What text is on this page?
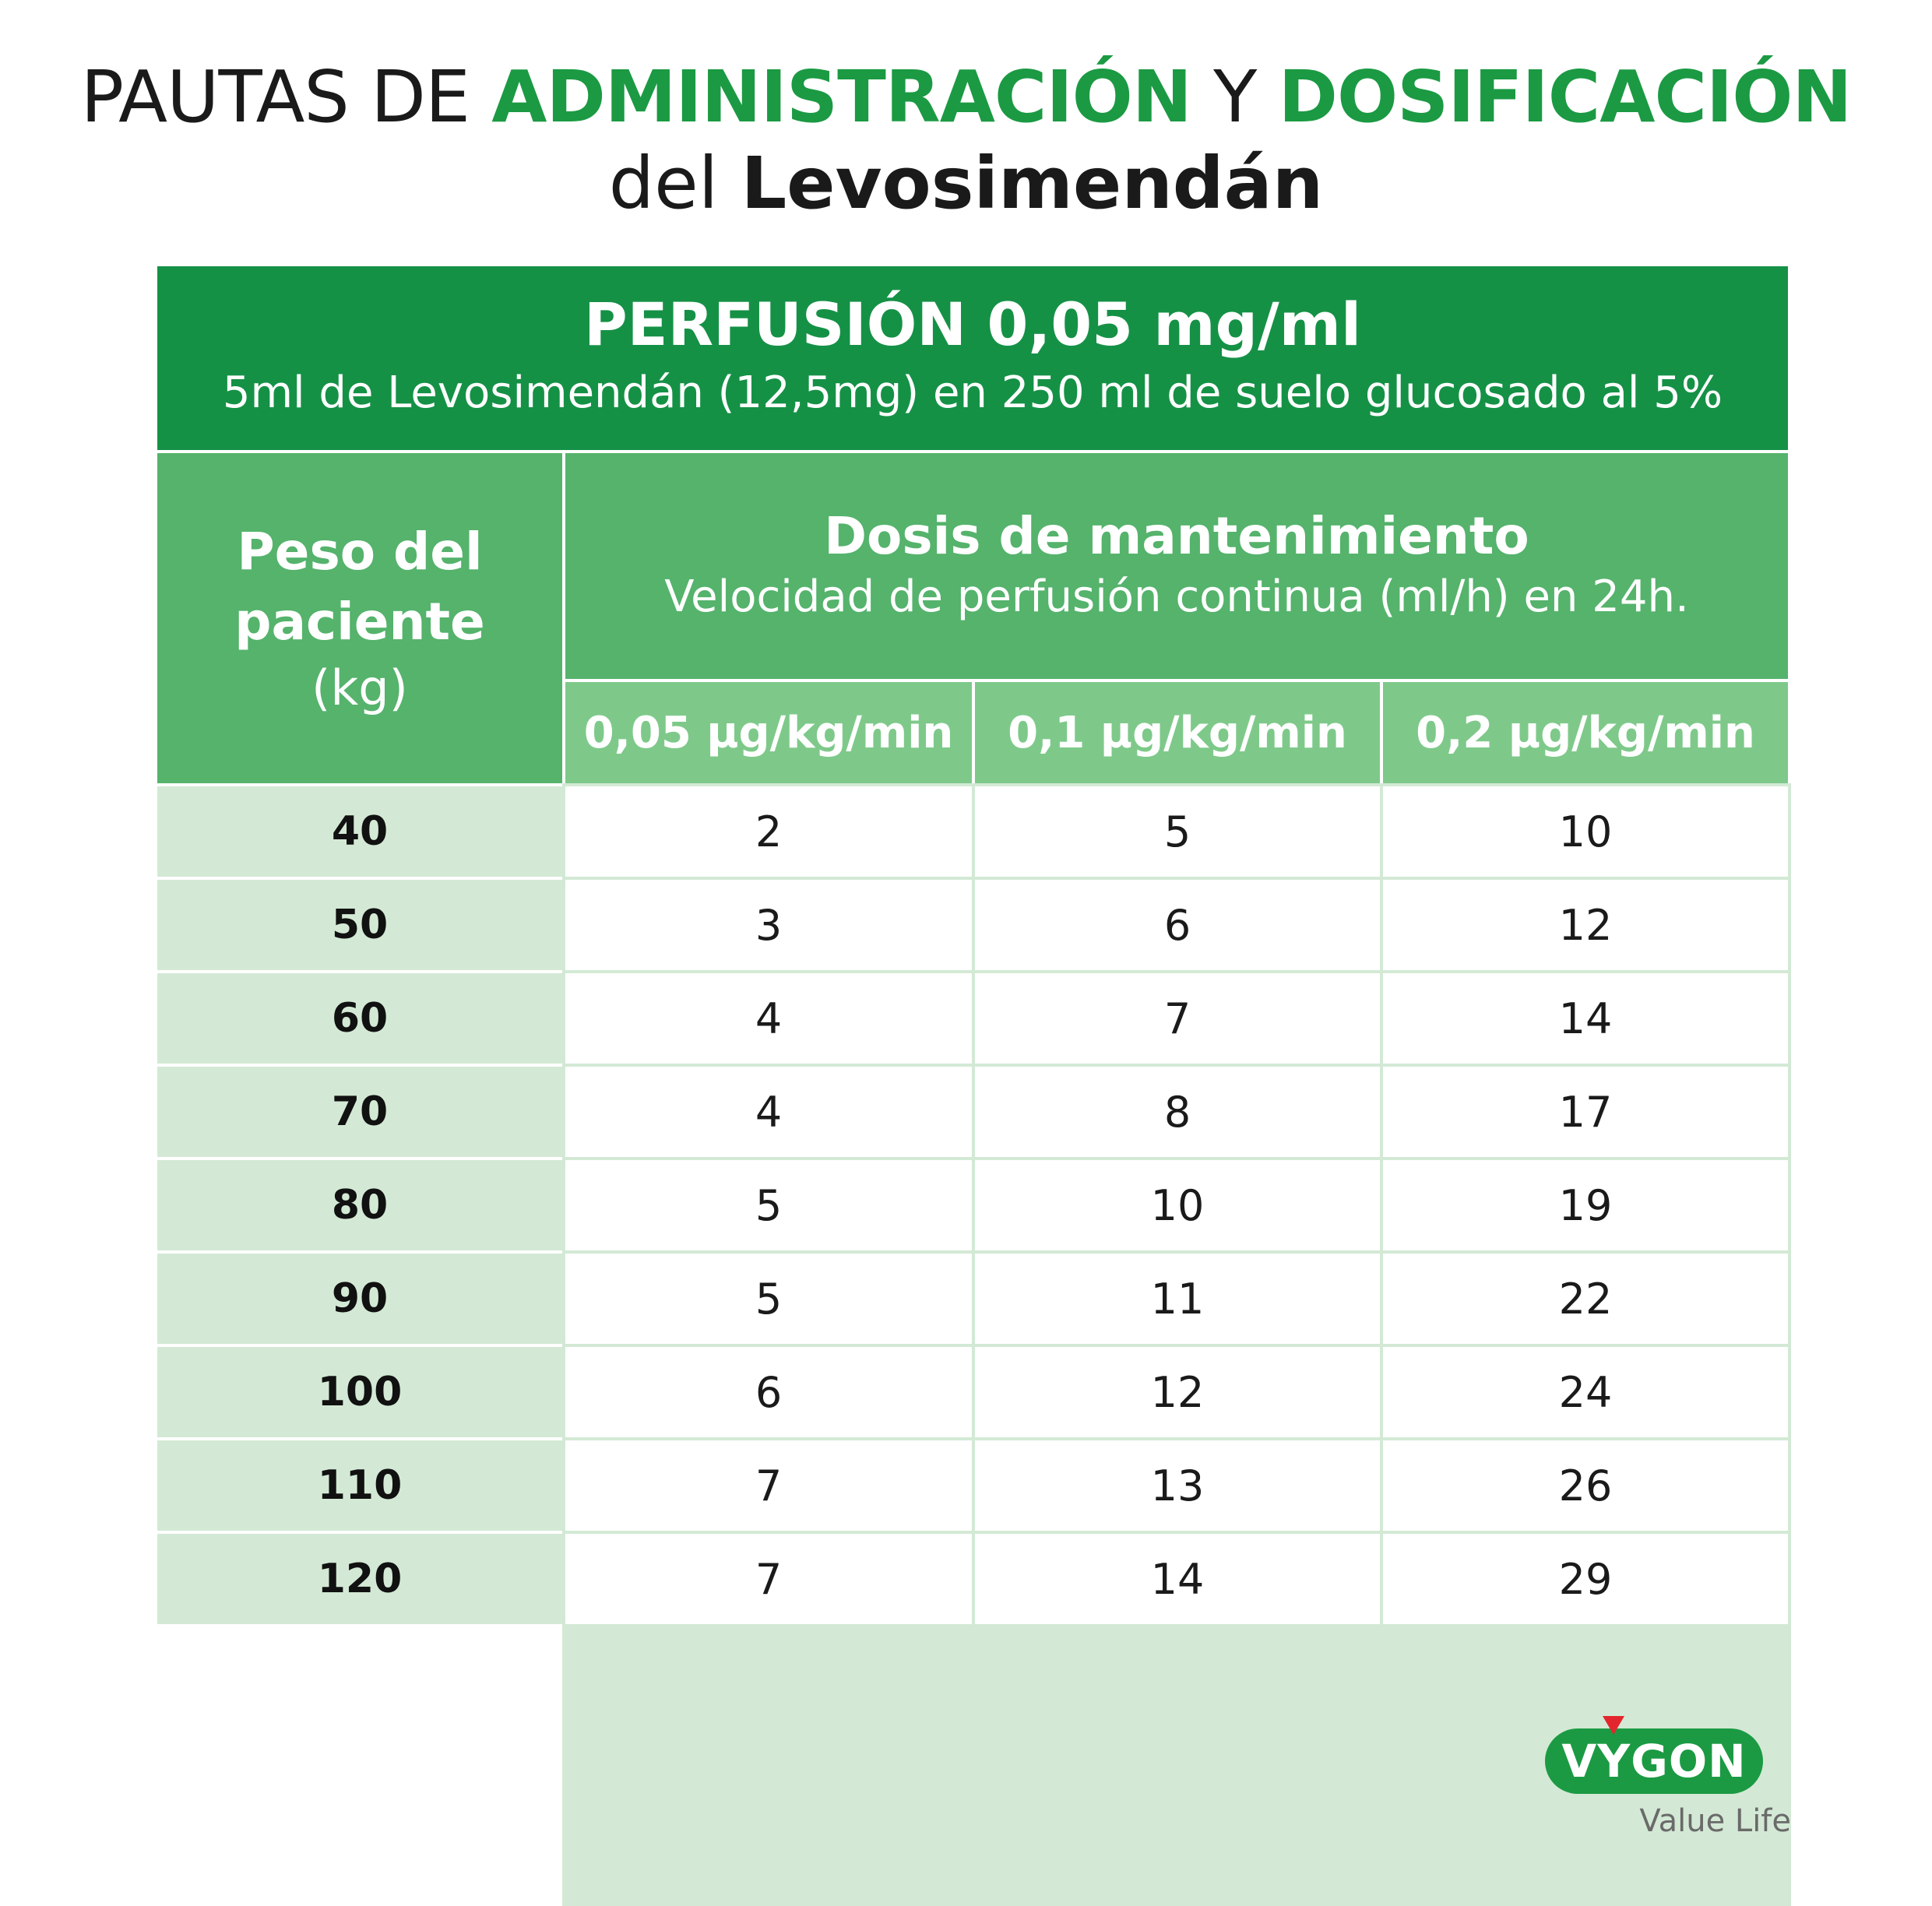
PAUTAS DE ADMINISTRACIÓN Y DOSIFICACIÓN
del Levosimendán
PERFUSIÓN 0,05 mg/ml
5ml de Levosimendán (12,5mg) en 250 ml de suelo glucosado al 5%
Peso del
paciente
(kg)
Dosis de mantenimiento
Velocidad de perfusión continua (ml/h) en 24h.
0,05 µg/kg/min	0,1 µg/kg/min	0,2 µg/kg/min
40	2	5	10
50	3	6	12
60	4	7	14
70	4	8	17
80	5	10	19
90	5	11	22
100	6	12	24
110	7	13	26
120	7	14	29
VYGON
Value Life
